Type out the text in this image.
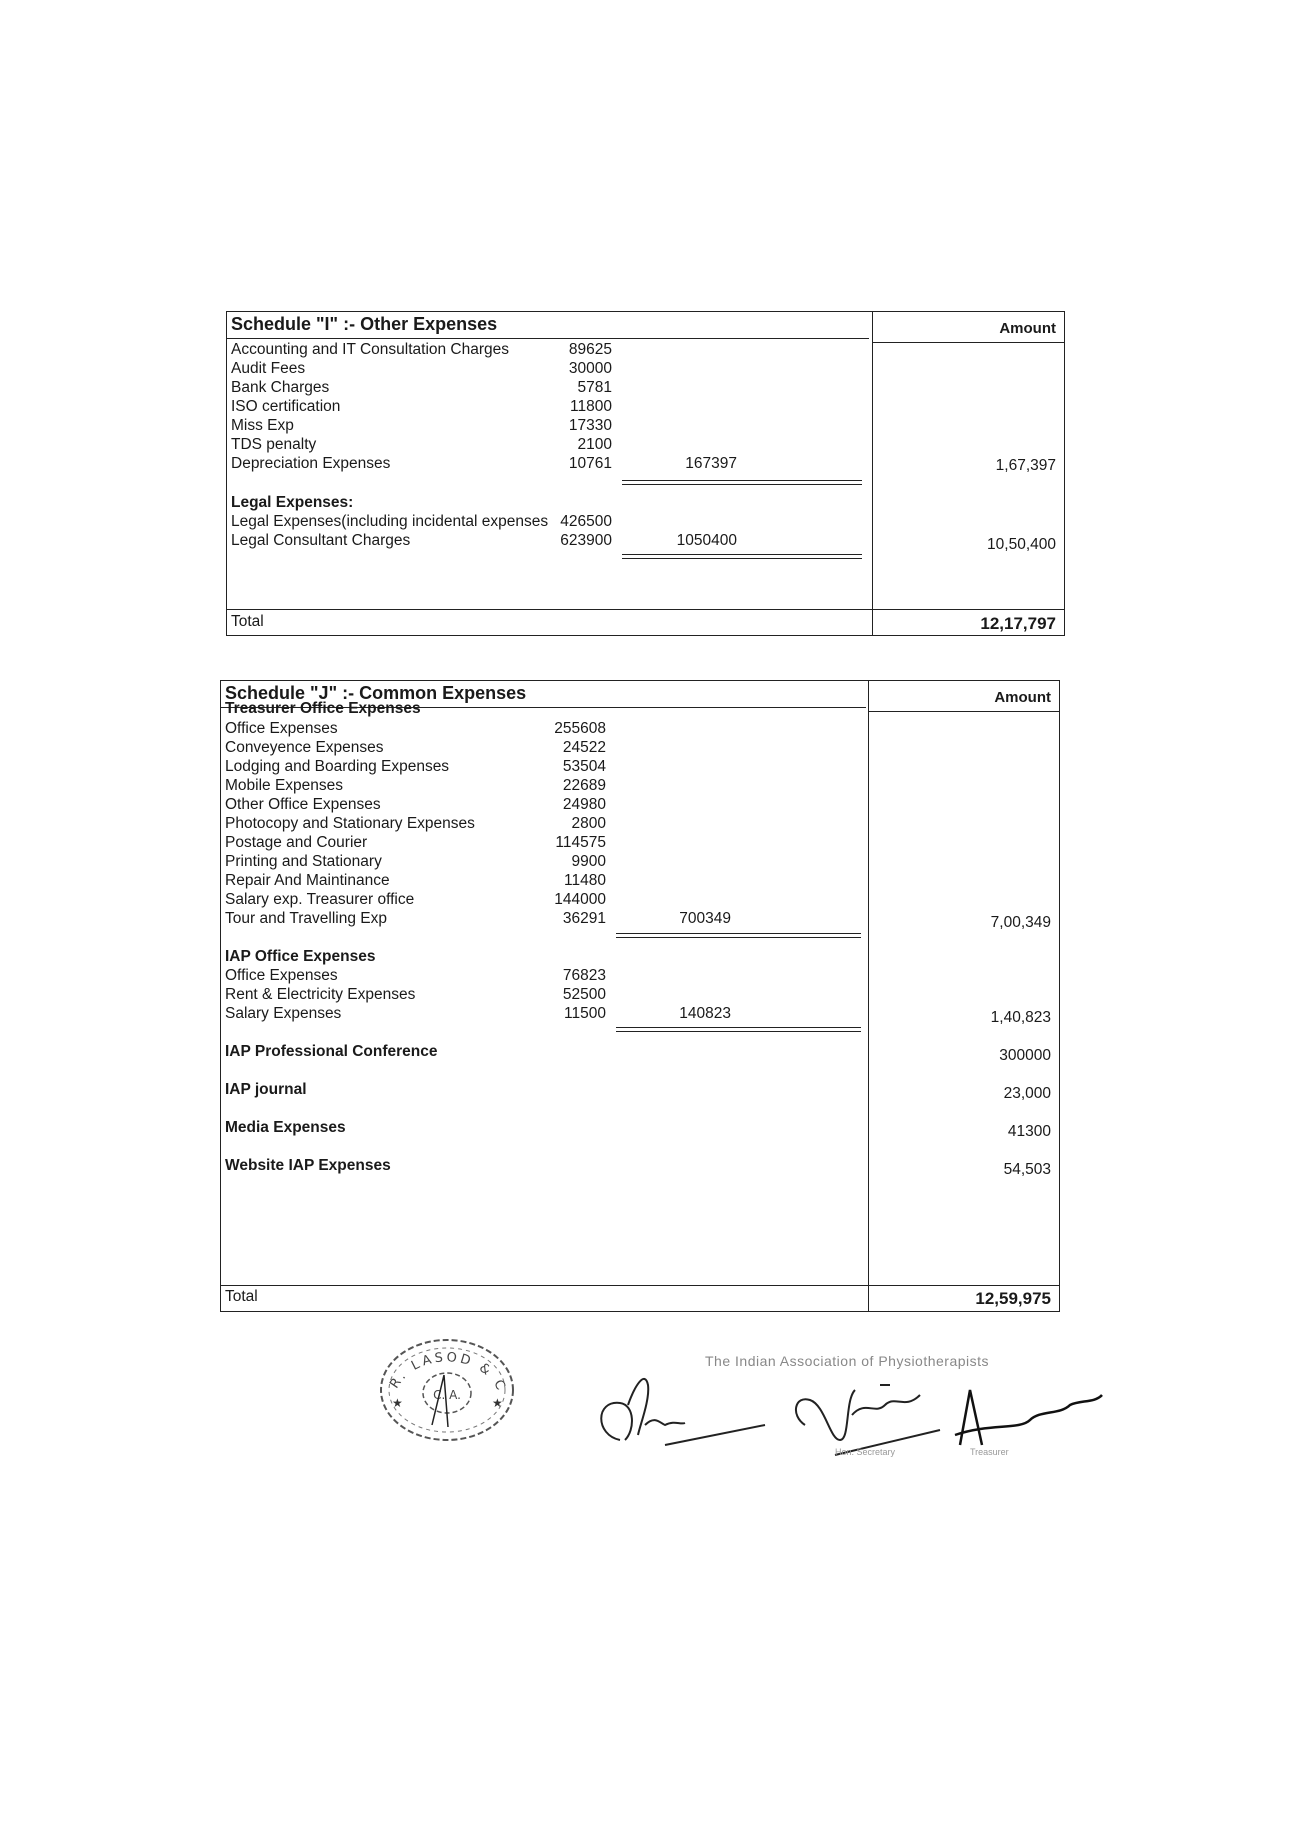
Schedule "I" :- Other Expenses	Amount
Accounting and IT Consultation Charges	89625
Audit Fees	30000
Bank Charges	5781
ISO certification	11800
Miss Exp	17330
TDS penalty	2100
Depreciation Expenses	10761	167397	1,67,397
Legal Expenses:
Legal Expenses(including incidental expenses 426500
Legal Consultant Charges	623900	1050400	10,50,400
Total	12,17,797
Schedule "J" :- Common Expenses	Amount
Treasurer Office Expenses
Office Expenses	255608
Conveyence Expenses	24522
Lodging and Boarding Expenses	53504
Mobile Expenses	22689
Other Office Expenses	24980
Photocopy and Stationary Expenses	2800
Postage and Courier	114575
Printing and Stationary	9900
Repair And Maintinance	11480
Salary exp. Treasurer office	144000
Tour and Travelling Exp	36291	700349	7,00,349
IAP Office Expenses
Office Expenses	76823
Rent & Electricity Expenses	52500
Salary Expenses	11500	140823	1,40,823
IAP Professional Conference	300000
IAP journal	23,000
Media Expenses	41300
Website IAP Expenses	54,503
Total	12,59,975
R. LASOD & C
C. A.
★	★
The Indian Association of Physiotherapists
Hon. Secretary	Treasurer
